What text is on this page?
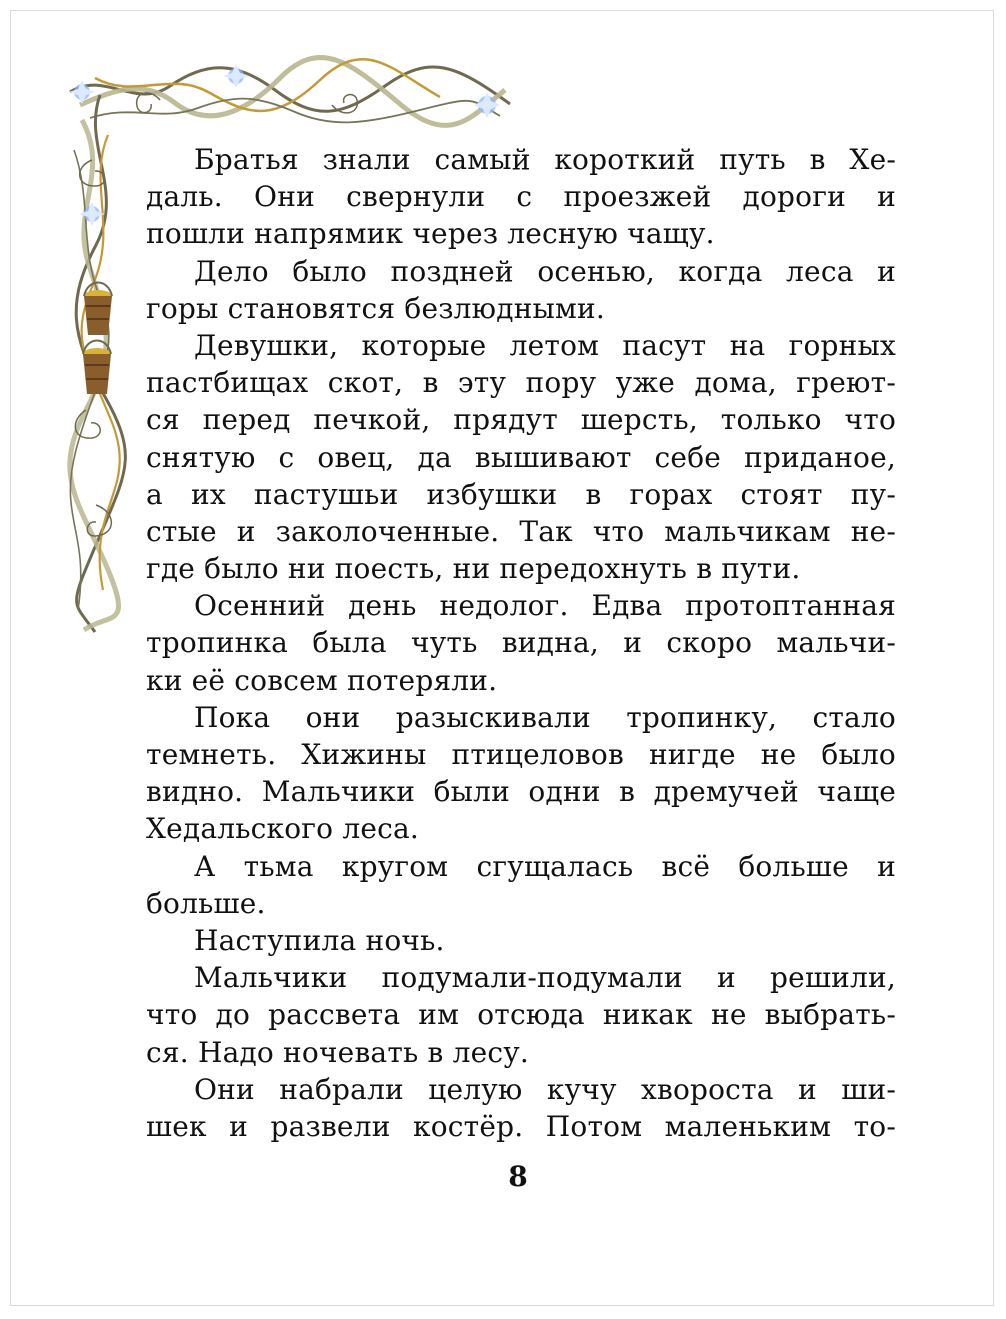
Братья знали самый короткий путь в Хе-
даль. Они свернули с проезжей дороги и
пошли напрямик через лесную чащу.
Дело было поздней осенью, когда леса и
горы становятся безлюдными.
Девушки, которые летом пасут на горных
пастбищах скот, в эту пору уже дома, греют-
ся перед печкой, прядут шерсть, только что
снятую с овец, да вышивают себе приданое,
а их пастушьи избушки в горах стоят пу-
стые и заколоченные. Так что мальчикам не-
где было ни поесть, ни передохнуть в пути.
Осенний день недолог. Едва протоптанная
тропинка была чуть видна, и скоро мальчи-
ки её совсем потеряли.
Пока они разыскивали тропинку, стало
темнеть. Хижины птицеловов нигде не было
видно. Мальчики были одни в дремучей чаще
Хедальского леса.
А тьма кругом сгущалась всё больше и
больше.
Наступила ночь.
Мальчики подумали-подумали и решили,
что до рассвета им отсюда никак не выбрать-
ся. Надо ночевать в лесу.
Они набрали целую кучу хвороста и ши-
шек и развели костёр. Потом маленьким то-
8
